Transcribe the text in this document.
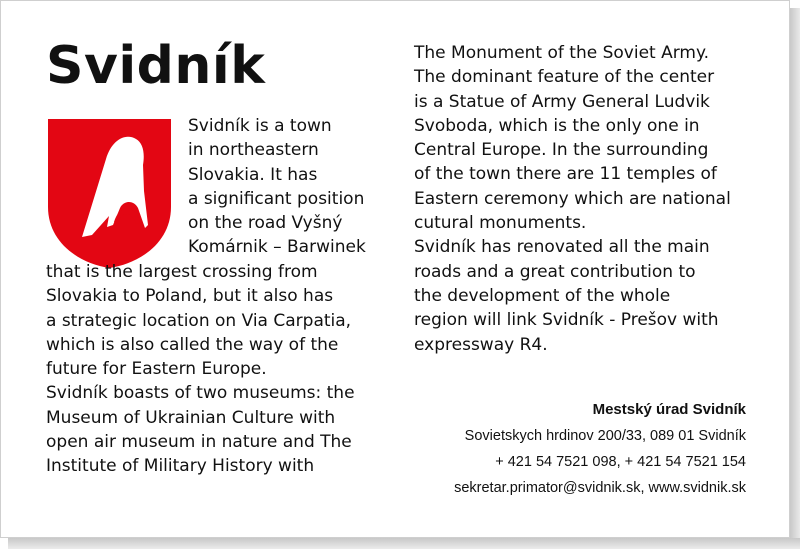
Svidník
Svidník is a town
in northeastern
Slovakia. It has
a significant position
on the road Vyšný
Komárnik – Barwinek
that is the largest crossing from
Slovakia to Poland, but it also has
a strategic location on Via Carpatia,
which is also called the way of the
future for Eastern Europe.
Svidník boasts of two museums: the
Museum of Ukrainian Culture with
open air museum in nature and The
Institute of Military History with
The Monument of the Soviet Army.
The dominant feature of the center
is a Statue of Army General Ludvik
Svoboda, which is the only one in
Central Europe. In the surrounding
of the town there are 11 temples of
Eastern ceremony which are national
cutural monuments.
Svidník has renovated all the main
roads and a great contribution to
the development of the whole
region will link Svidník - Prešov with
expressway R4.
Mestský úrad Svidník
Sovietskych hrdinov 200/33, 089 01 Svidník
+ 421 54 7521 098, + 421 54 7521 154
sekretar.primator@svidnik.sk, www.svidnik.sk
